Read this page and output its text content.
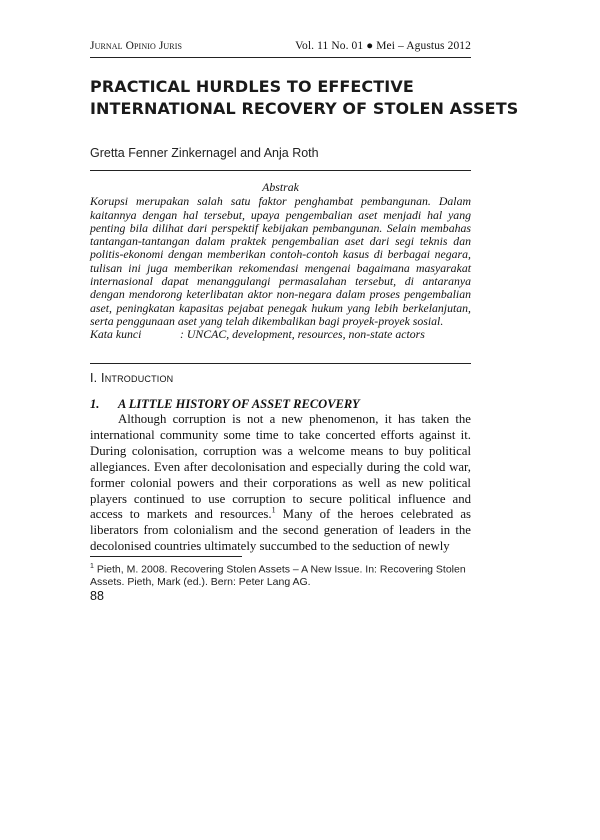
Jurnal Opinio Juris	Vol. 11 No. 01 ● Mei – Agustus 2012
PRACTICAL HURDLES TO EFFECTIVE
INTERNATIONAL RECOVERY OF STOLEN ASSETS
Gretta Fenner Zinkernagel and Anja Roth
Abstrak
Korupsi merupakan salah satu faktor penghambat pembangunan. Dalam kaitannya dengan hal tersebut, upaya pengembalian aset menjadi hal yang penting bila dilihat dari perspektif kebijakan pembangunan. Selain membahas tantangan-tantangan dalam praktek pengembalian aset dari segi teknis dan politis-ekonomi dengan memberikan contoh-contoh kasus di berbagai negara, tulisan ini juga memberikan rekomendasi mengenai bagaimana masyarakat internasional dapat menanggulangi permasalahan tersebut, di antaranya dengan mendorong keterlibatan aktor non-negara dalam proses pengembalian aset, peningkatan kapasitas pejabat penegak hukum yang lebih berkelanjutan, serta penggunaan aset yang telah dikembalikan bagi proyek-proyek sosial.
Kata kunci	: UNCAC, development, resources, non-state actors
I. Introduction
1.	A LITTLE HISTORY OF ASSET RECOVERY
Although corruption is not a new phenomenon, it has taken the international community some time to take concerted efforts against it. During colonisation, corruption was a welcome means to buy political allegiances. Even after decolonisation and especially during the cold war, former colonial powers and their corporations as well as new political players continued to use corruption to secure political influence and access to markets and resources.$^1$ Many of the heroes celebrated as liberators from colonialism and the second generation of leaders in the decolonised countries ultimately succumbed to the seduction of newly
$^1$ Pieth, M. 2008. Recovering Stolen Assets – A New Issue. In: Recovering Stolen Assets. Pieth, Mark (ed.). Bern: Peter Lang AG.
88
